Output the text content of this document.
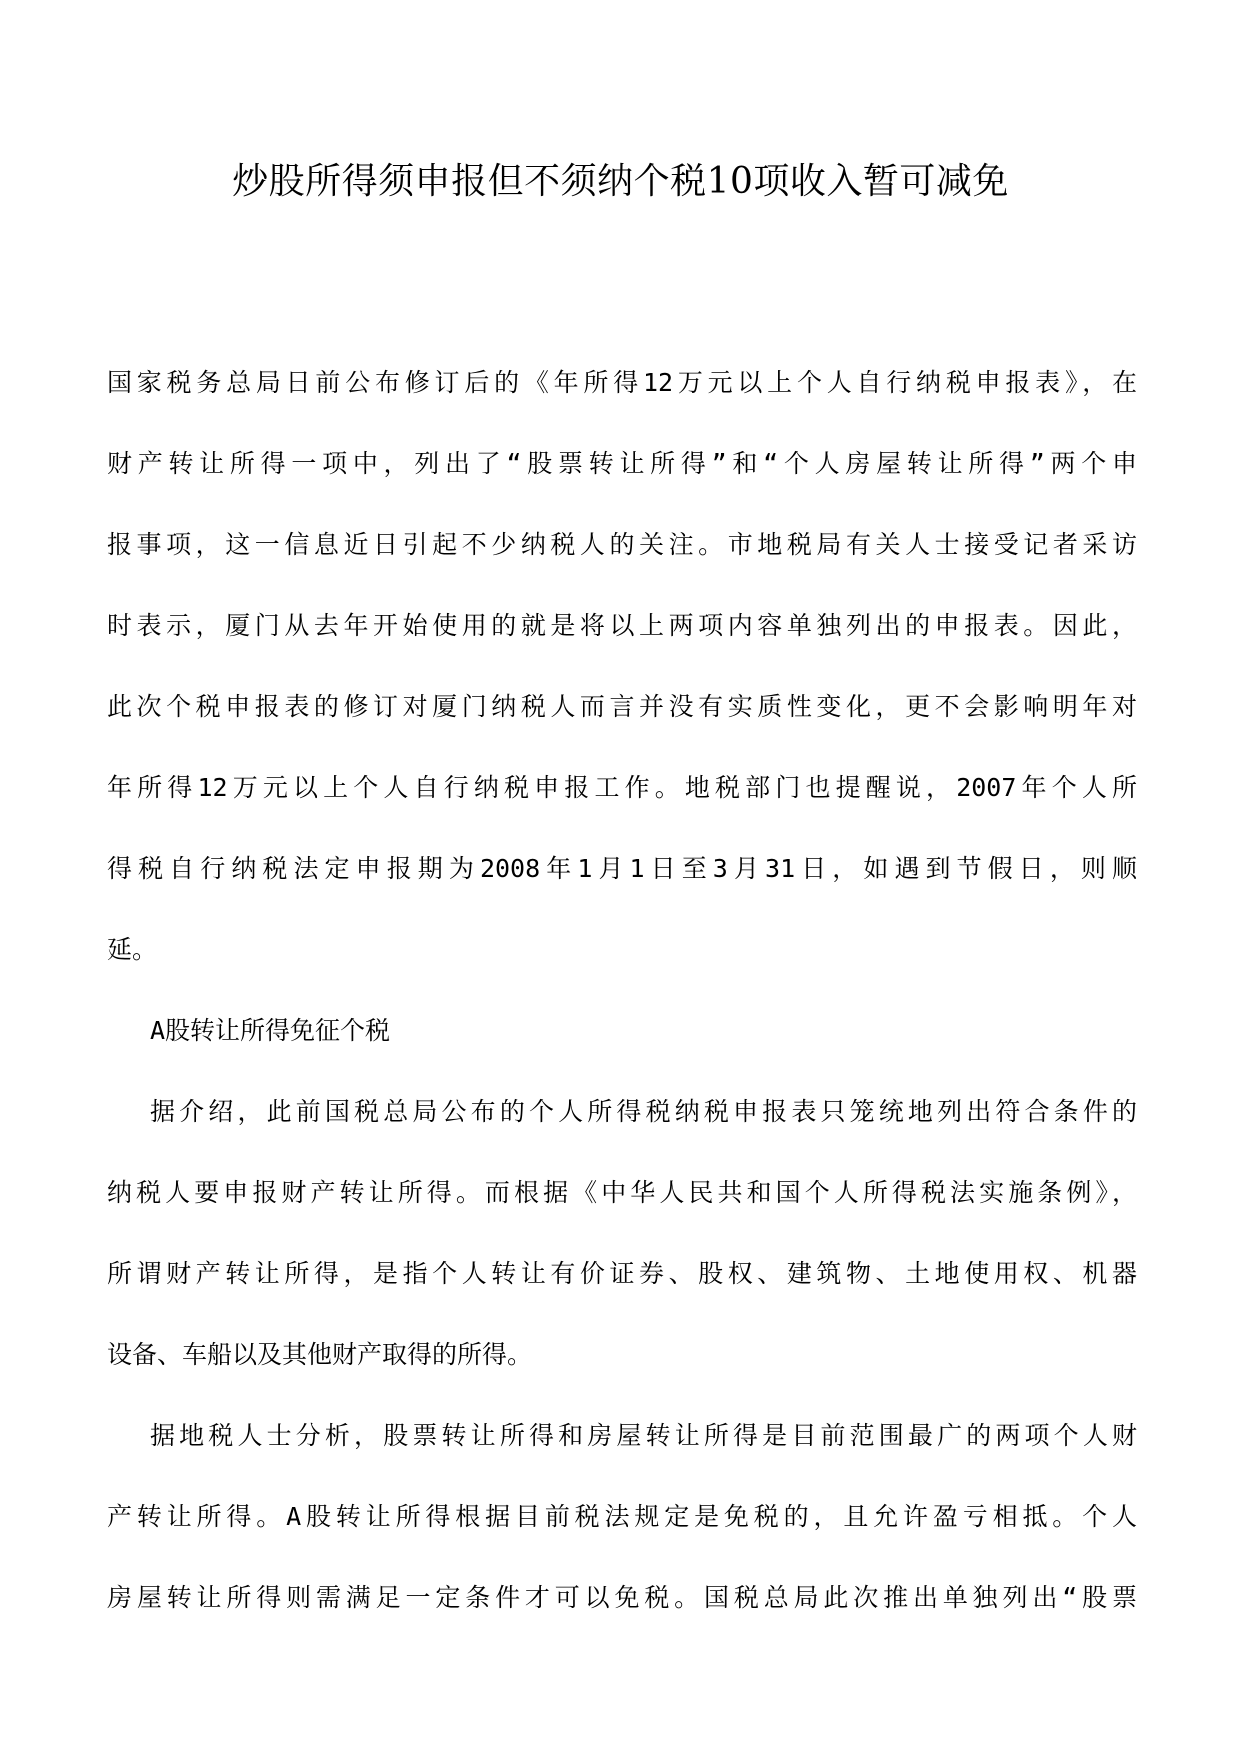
炒股所得须申报但不须纳个税10项收入暂可减免
国家税务总局日前公布修订后的《年所得12万元以上个人自行纳税申报表》，在
财产转让所得一项中，列出了“股票转让所得”和“个人房屋转让所得”两个申
报事项，这一信息近日引起不少纳税人的关注。市地税局有关人士接受记者采访
时表示，厦门从去年开始使用的就是将以上两项内容单独列出的申报表。因此，
此次个税申报表的修订对厦门纳税人而言并没有实质性变化，更不会影响明年对
年所得12万元以上个人自行纳税申报工作。地税部门也提醒说，2007年个人所
得税自行纳税法定申报期为2008年1月1日至3月31日，如遇到节假日，则顺
延。
A股转让所得免征个税
据介绍，此前国税总局公布的个人所得税纳税申报表只笼统地列出符合条件的
纳税人要申报财产转让所得。而根据《中华人民共和国个人所得税法实施条例》，
所谓财产转让所得，是指个人转让有价证券、股权、建筑物、土地使用权、机器
设备、车船以及其他财产取得的所得。
据地税人士分析，股票转让所得和房屋转让所得是目前范围最广的两项个人财
产转让所得。A股转让所得根据目前税法规定是免税的，且允许盈亏相抵。个人
房屋转让所得则需满足一定条件才可以免税。国税总局此次推出单独列出“股票
